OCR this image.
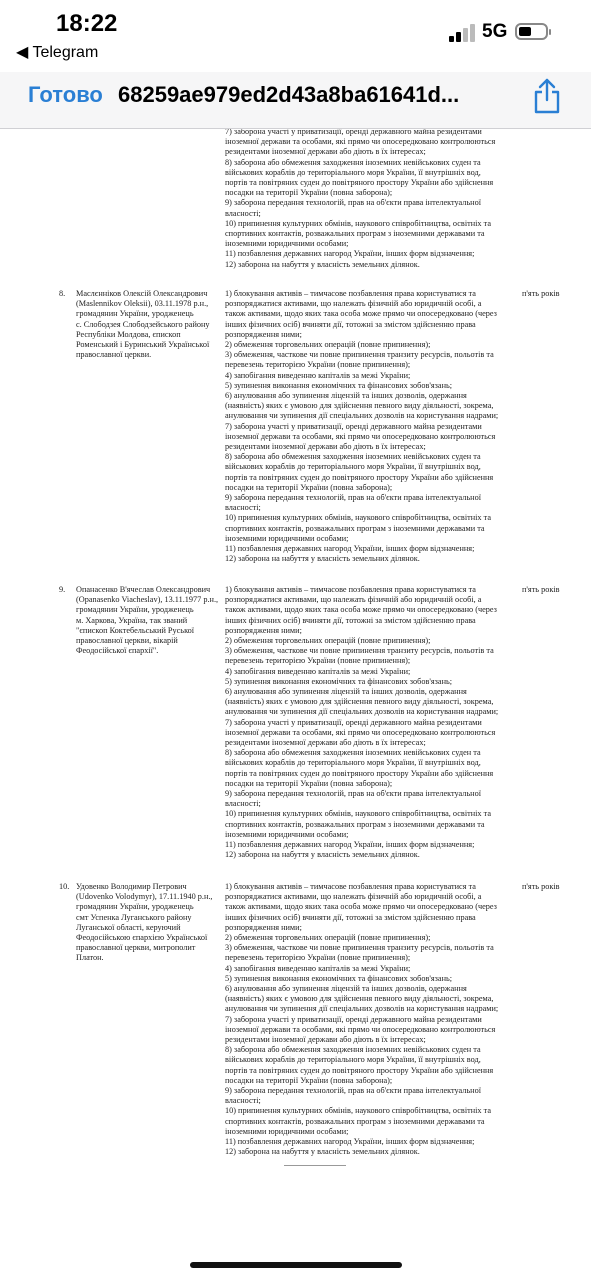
18:22
◀ Telegram
5G
Готово 68259ae979ed2d43a8ba61641d...
7) заборона участі у приватизації, оренді державного майна резидентами
іноземної держави та особами, які прямо чи опосередковано контролюються
резидентами іноземної держави або діють в їх інтересах;
8) заборона або обмеження заходження іноземних невійськових суден та
військових кораблів до територіального моря України, її внутрішніх вод,
портів та повітряних суден до повітряного простору України або здійснення
посадки на території України (повна заборона);
9) заборона передання технологій, прав на об'єкти права інтелектуальної
власності;
10) припинення культурних обмінів, наукового співробітництва, освітніх та
спортивних контактів, розважальних програм з іноземними державами та
іноземними юридичними особами;
11) позбавлення державних нагород України, інших форм відзначення;
12) заборона на набуття у власність земельних ділянок.
8. Маслєнніков Олексій Олександрович
(Maslennikov Oleksii), 03.11.1978 р.н.,
громадянин України, уродженець
с. Слободзея Слободзейського району
Республіки Молдова, єпископ
Роменський і Буринський Української
православної церкви.
1) блокування активів – тимчасове позбавлення права користуватися та
розпоряджатися активами, що належать фізичній або юридичній особі, а
також активами, щодо яких така особа може прямо чи опосередковано (через
інших фізичних осіб) вчиняти дії, тотожні за змістом здійсненню права
розпорядження ними;
2) обмеження торговельних операцій (повне припинення);
3) обмеження, часткове чи повне припинення транзиту ресурсів, польотів та
перевезень територією України (повне припинення);
4) запобігання виведенню капіталів за межі України;
5) зупинення виконання економічних та фінансових зобов'язань;
6) анулювання або зупинення ліцензій та інших дозволів, одержання
(наявність) яких є умовою для здійснення певного виду діяльності, зокрема,
анулювання чи зупинення дії спеціальних дозволів на користування надрами;
7) заборона участі у приватизації, оренді державного майна резидентами
іноземної держави та особами, які прямо чи опосередковано контролюються
резидентами іноземної держави або діють в їх інтересах;
8) заборона або обмеження заходження іноземних невійськових суден та
військових кораблів до територіального моря України, її внутрішніх вод,
портів та повітряних суден до повітряного простору України або здійснення
посадки на території України (повна заборона);
9) заборона передання технологій, прав на об'єкти права інтелектуальної
власності;
10) припинення культурних обмінів, наукового співробітництва, освітніх та
спортивних контактів, розважальних програм з іноземними державами та
іноземними юридичними особами;
11) позбавлення державних нагород України, інших форм відзначення;
12) заборона на набуття у власність земельних ділянок.
п'ять років
9. Опанасенко В'ячеслав Олександрович
(Opanasenko Viacheslav), 13.11.1977 р.н.,
громадянин України, уродженець
м. Харкова, Україна, так званий
"єпископ Коктебельський Руської
православної церкви, вікарій
Феодосійської єпархії".
1) блокування активів – тимчасове позбавлення права користуватися та
розпоряджатися активами, що належать фізичній або юридичній особі, а
також активами, щодо яких така особа може прямо чи опосередковано (через
інших фізичних осіб) вчиняти дії, тотожні за змістом здійсненню права
розпорядження ними;
2) обмеження торговельних операцій (повне припинення);
3) обмеження, часткове чи повне припинення транзиту ресурсів, польотів та
перевезень територією України (повне припинення);
4) запобігання виведенню капіталів за межі України;
5) зупинення виконання економічних та фінансових зобов'язань;
6) анулювання або зупинення ліцензій та інших дозволів, одержання
(наявність) яких є умовою для здійснення певного виду діяльності, зокрема,
анулювання чи зупинення дії спеціальних дозволів на користування надрами;
7) заборона участі у приватизації, оренді державного майна резидентами
іноземної держави та особами, які прямо чи опосередковано контролюються
резидентами іноземної держави або діють в їх інтересах;
8) заборона або обмеження заходження іноземних невійськових суден та
військових кораблів до територіального моря України, її внутрішніх вод,
портів та повітряних суден до повітряного простору України або здійснення
посадки на території України (повна заборона);
9) заборона передання технологій, прав на об'єкти права інтелектуальної
власності;
10) припинення культурних обмінів, наукового співробітництва, освітніх та
спортивних контактів, розважальних програм з іноземними державами та
іноземними юридичними особами;
11) позбавлення державних нагород України, інших форм відзначення;
12) заборона на набуття у власність земельних ділянок.
п'ять років
10. Удовенко Володимир Петрович
(Udovenko Volodymyr), 17.11.1940 р.н.,
громадянин України, уродженець
смт Успенка Луганського району
Луганської області, керуючий
Феодосійською єпархією Української
православної церкви, митрополит
Платон.
1) блокування активів – тимчасове позбавлення права користуватися та
розпоряджатися активами, що належать фізичній або юридичній особі, а
також активами, щодо яких така особа може прямо чи опосередковано (через
інших фізичних осіб) вчиняти дії, тотожні за змістом здійсненню права
розпорядження ними;
2) обмеження торговельних операцій (повне припинення);
3) обмеження, часткове чи повне припинення транзиту ресурсів, польотів та
перевезень територією України (повне припинення);
4) запобігання виведенню капіталів за межі України;
5) зупинення виконання економічних та фінансових зобов'язань;
6) анулювання або зупинення ліцензій та інших дозволів, одержання
(наявність) яких є умовою для здійснення певного виду діяльності, зокрема,
анулювання чи зупинення дії спеціальних дозволів на користування надрами;
7) заборона участі у приватизації, оренді державного майна резидентами
іноземної держави та особами, які прямо чи опосередковано контролюються
резидентами іноземної держави або діють в їх інтересах;
8) заборона або обмеження заходження іноземних невійськових суден та
військових кораблів до територіального моря України, її внутрішніх вод,
портів та повітряних суден до повітряного простору України або здійснення
посадки на території України (повна заборона);
9) заборона передання технологій, прав на об'єкти права інтелектуальної
власності;
10) припинення культурних обмінів, наукового співробітництва, освітніх та
спортивних контактів, розважальних програм з іноземними державами та
іноземними юридичними особами;
11) позбавлення державних нагород України, інших форм відзначення;
12) заборона на набуття у власність земельних ділянок.
п'ять років
